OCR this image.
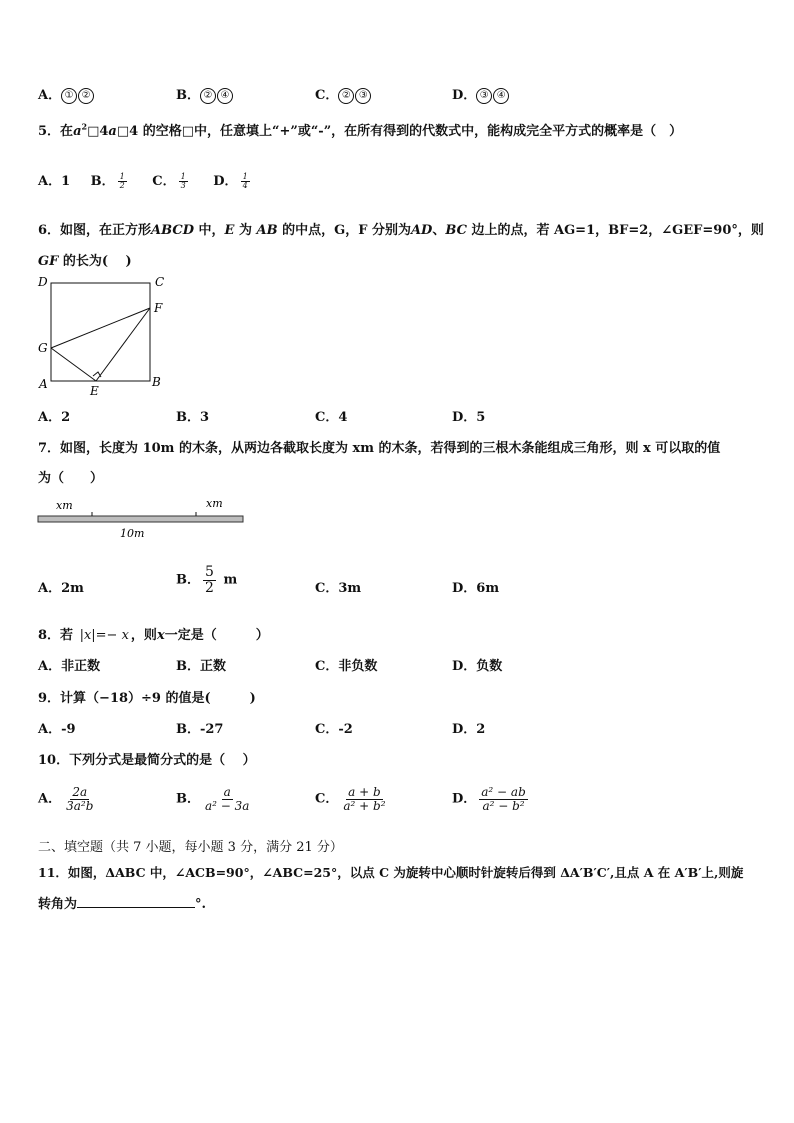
A． ① ②	B． ② ④	C． ② ③	D． ③ ④
5．在$a^2□4a□4$ 的空格□中，任意填上“+”或“-”，在所有得到的代数式中，能构成完全平方式的概率是（　）
A．1 B． $\frac{1}{2}$ C． $\frac{1}{3}$ D． $\frac{1}{4}$
6．如图，在正方形ABCD 中，E 为 AB 的中点，G，F 分别为AD、BC 边上的点，若 AG=1，BF=2，∠GEF=90°，则
GF 的长为(　 )
D	C
F
G
A	E
B
A．2	B．3	C．4	D．5
7．如图，长度为 10m 的木条，从两边各截取长度为 xm 的木条，若得到的三根木条能组成三角形，则 x 可以取的值
为（　　）
xm	xm
10m
A．2m
B． $\frac{5}{2}$ m
C．3m	D．6m
8．若 |x|=− x ，则x一定是（　　　）
A．非正数	B．正数	C．非负数	D．负数
9．计算（−18）÷9 的值是(　　　)
A．-9	B．-27	C．-2	D．2
10．下列分式是最简分式的是（　 ）
A． $\frac{2a}{\text{3a²b}}$	B． $\frac{a}{\text{a² − 3a}}$	C． $\frac{a + b}{\text{a² + b²}}$	D． $\frac{\text{a² − ab}}{\text{a² − b²}}$
二、填空题（共 7 小题，每小题 3 分，满分 21 分）
11．如图，ΔABC 中，∠ACB=90°，∠ABC=25°，以点 C 为旋转中心顺时针旋转后得到 ΔA′B′C′,且点 A 在 A′B′上,则旋
转角为	°.
